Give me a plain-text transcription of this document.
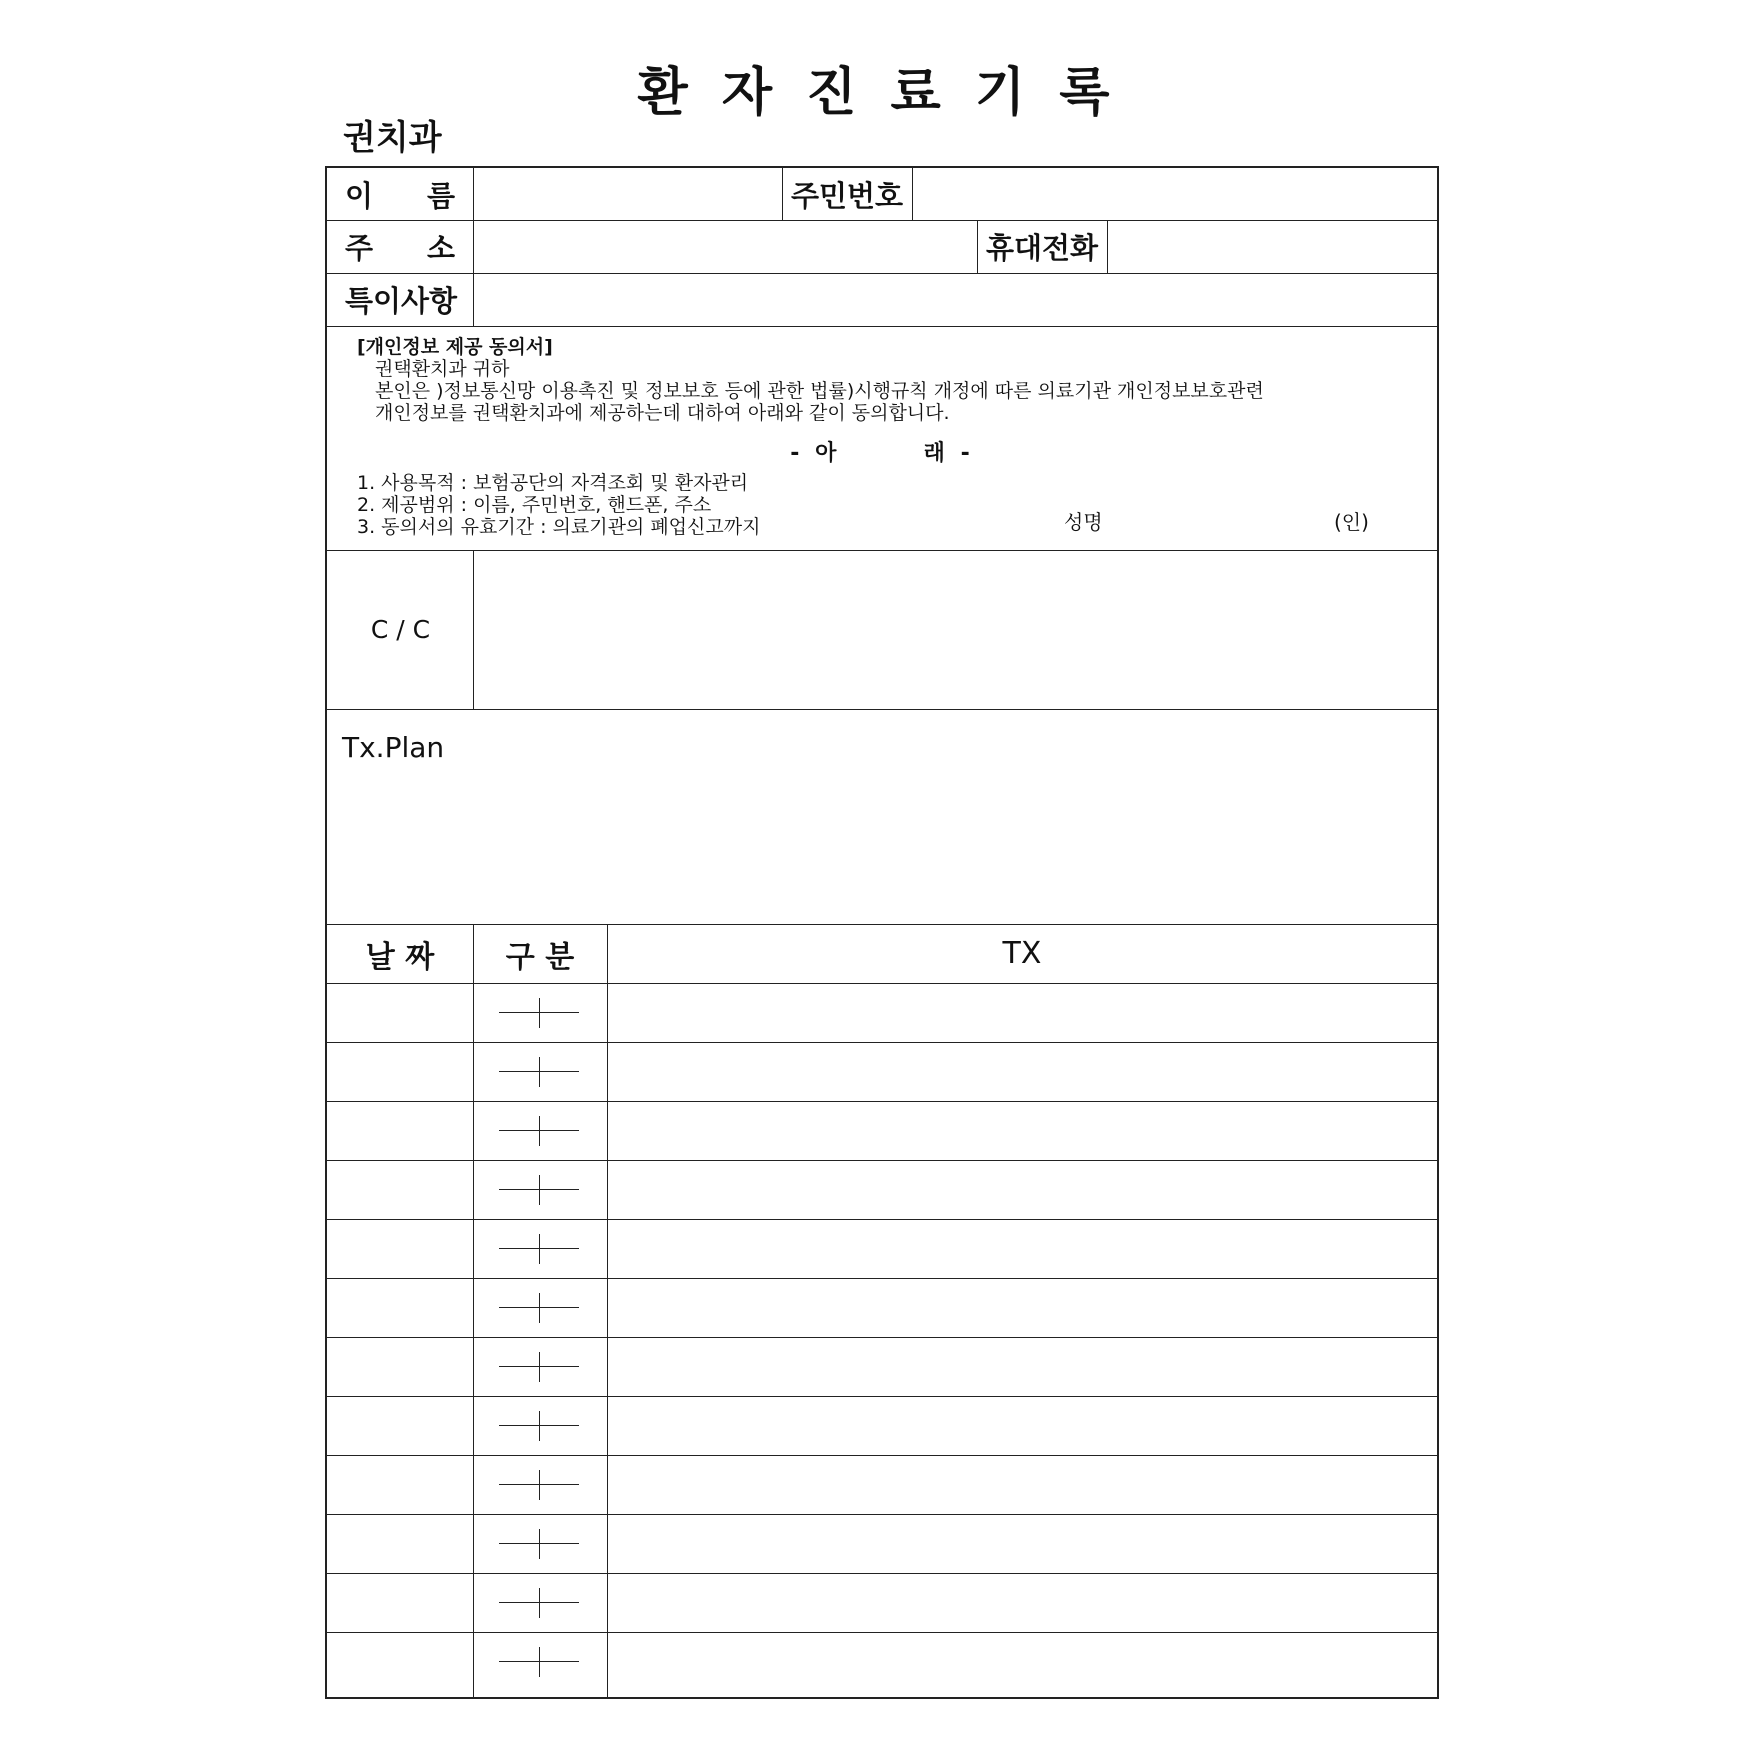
환 자 진 료 기 록
권치과
이 름	주민번호
주 소	휴대전화
특이사항
[개인정보 제공 동의서]
권택환치과 귀하
본인은 )정보통신망 이용촉진 및 정보보호 등에 관한 법률)시행규칙 개정에 따른 의료기관 개인정보보호관련
개인정보를 권택환치과에 제공하는데 대하여 아래와 같이 동의합니다.
- 아	래 -
1. 사용목적 : 보험공단의 자격조회 및 환자관리
2. 제공범위 : 이름, 주민번호, 핸드폰, 주소
3. 동의서의 유효기간 : 의료기관의 폐업신고까지	성명	(인)
C / C
Tx.Plan
날 짜	구 분	TX
